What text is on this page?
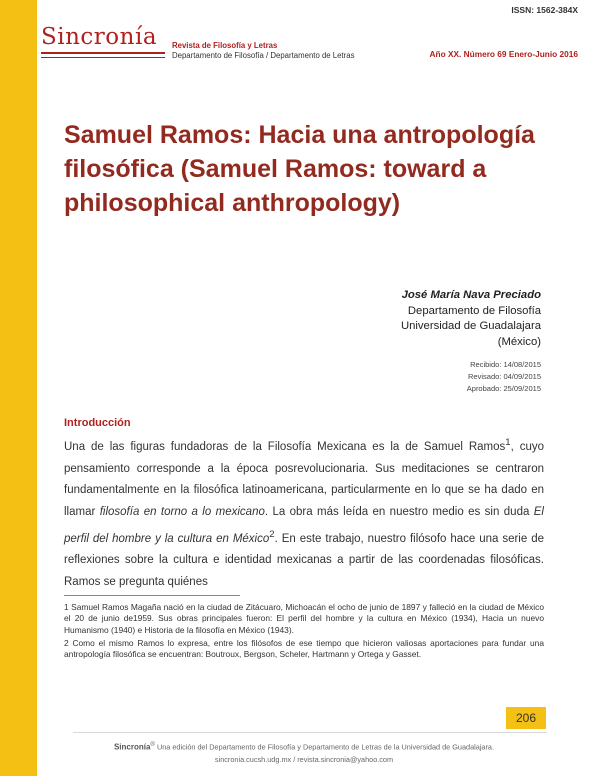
ISSN: 1562-384X
Sincronía Revista de Filosofía y Letras
Departamento de Filosofía / Departamento de Letras	Año XX. Número 69 Enero-Junio 2016
Samuel Ramos: Hacia una antropología filosófica (Samuel Ramos: toward a philosophical anthropology)
José María Nava Preciado
Departamento de Filosofía
Universidad de Guadalajara
(México)
Recibido: 14/08/2015
Revisado: 04/09/2015
Aprobado: 25/09/2015
Introducción

Una de las figuras fundadoras de la Filosofía Mexicana es la de Samuel Ramos$^1$, cuyo pensamiento corresponde a la época posrevolucionaria. Sus meditaciones se centraron fundamentalmente en la filosófica latinoamericana, particularmente en lo que se ha dado en llamar filosofía en torno a lo mexicano. La obra más leída en nuestro medio es sin duda El perfil del hombre y la cultura en México$^2$. En este trabajo, nuestro filósofo hace una serie de reflexiones sobre la cultura e identidad mexicanas a partir de las coordenadas filosóficas. Ramos se pregunta quiénes

1 Samuel Ramos Magaña nació en la ciudad de Zitácuaro, Michoacán el ocho de junio de 1897 y falleció en la ciudad de México el 20 de junio de1959. Sus obras principales fueron: El perfil del hombre y la cultura en México (1934), Hacia un nuevo Humanismo (1940) e Historia de la filosofía en México (1943).

2 Como el mismo Ramos lo expresa, entre los filósofos de ese tiempo que hicieron valiosas aportaciones para fundar una antropología filosófica se encuentran: Boutroux, Bergson, Scheler, Hartmann y Ortega y Gasset.

206
Sincronía® Una edición del Departamento de Filosofía y Departamento de Letras de la Universidad de Guadalajara.
sincronia.cucsh.udg.mx / revista.sincronia@yahoo.com
